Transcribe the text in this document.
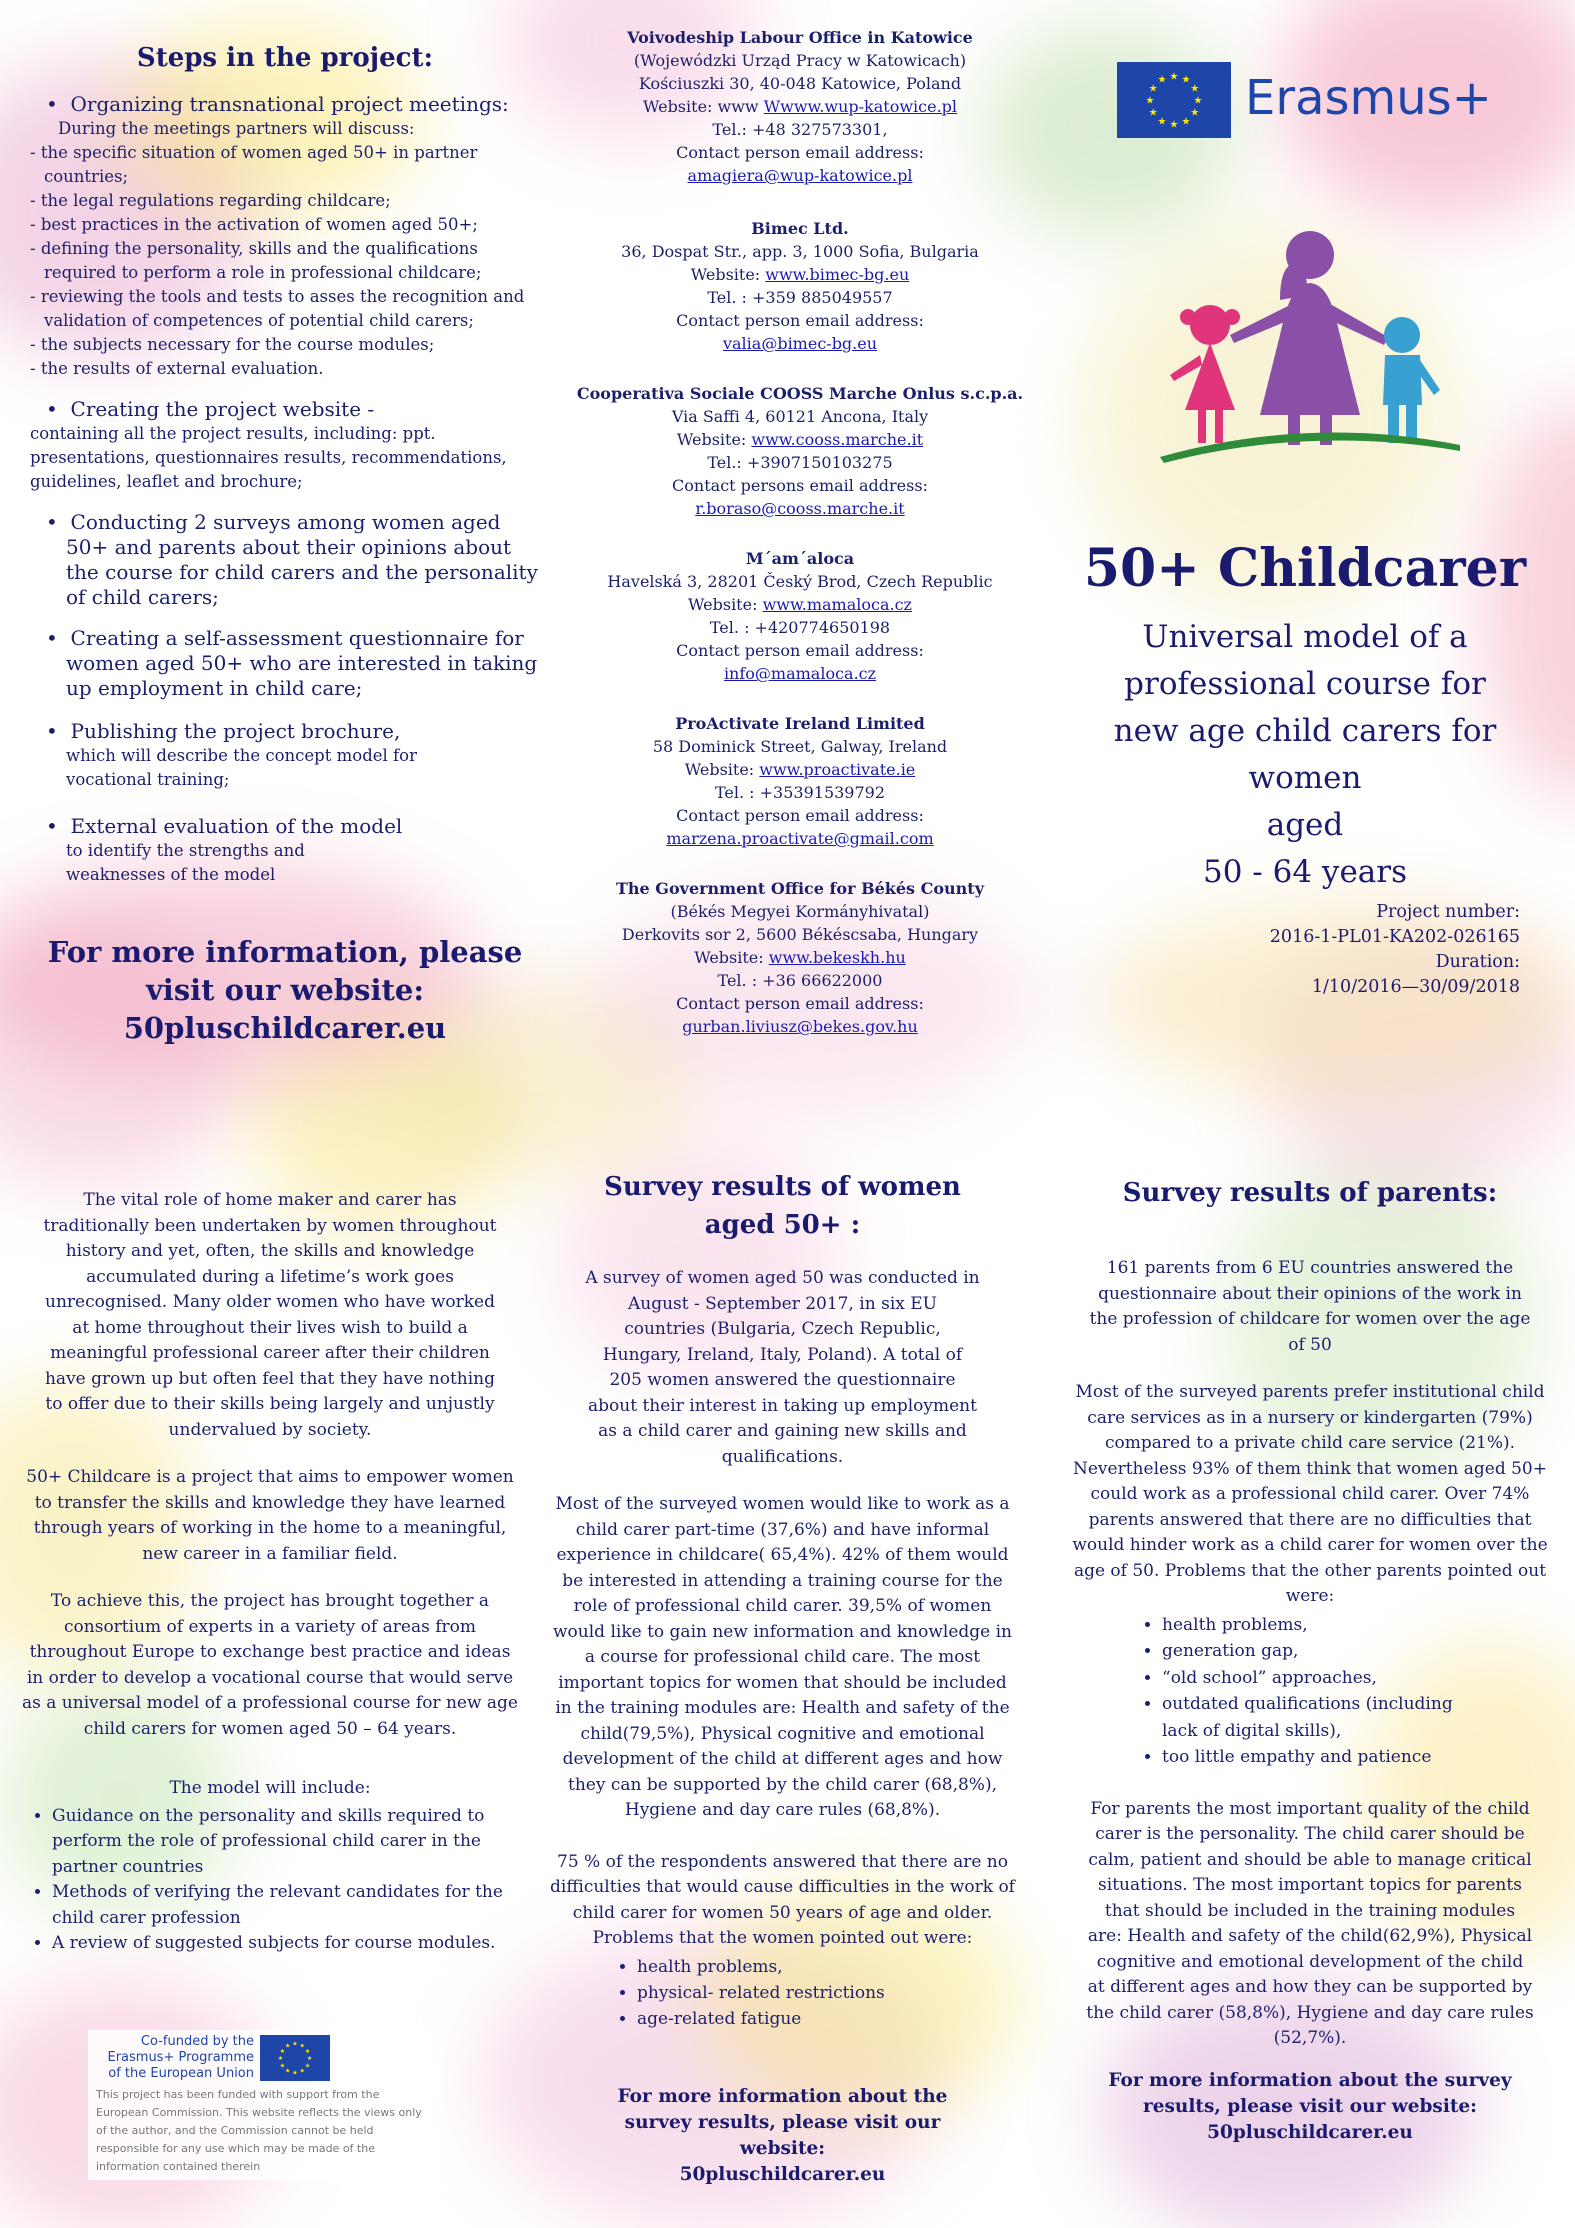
Steps in the project:
•  Organizing transnational project meetings:
During the meetings partners will discuss:
- the specific situation of women aged 50+ in partner countries;
- the legal regulations regarding childcare;
- best practices in the activation of women aged 50+;
- defining the personality, skills and the qualifications required to perform a role in professional childcare;
- reviewing the tools and tests to asses the recognition and validation of competences of potential child carers;
- the subjects necessary for the course modules;
- the results of external evaluation.
•  Creating the project website -
containing all the project results, including: ppt. presentations, questionnaires results, recommendations, guidelines, leaflet and brochure;
•  Conducting 2 surveys among women aged 50+ and parents about their opinions about the course for child carers and the personality of child carers;
•  Creating a self-assessment questionnaire for women aged 50+ who are interested in taking up employment in child care;
•  Publishing the project brochure,
which will describe the concept model for vocational training;
•  External evaluation of the model
to identify the strengths and weaknesses of the model
For more information, please visit our website:
50pluschildcarer.eu
Voivodeship Labour Office in Katowice
(Wojewódzki Urząd Pracy w Katowicach)
Kościuszki 30, 40-048 Katowice, Poland
Website: www Wwww.wup-katowice.pl
Tel.: +48 327573301,
Contact person email address:
amagiera@wup-katowice.pl
Bimec Ltd.
36, Dospat Str., app. 3, 1000 Sofia, Bulgaria
Website: www.bimec-bg.eu
Tel. : +359 885049557
Contact person email address:
valia@bimec-bg.eu
Cooperativa Sociale COOSS Marche Onlus s.c.p.a.
Via Saffi 4, 60121 Ancona, Italy
Website: www.cooss.marche.it
Tel.: +3907150103275
Contact persons email address:
r.boraso@cooss.marche.it
M´am´aloca
Havelská 3, 28201 Český Brod, Czech Republic
Website: www.mamaloca.cz
Tel. : +420774650198
Contact person email address:
info@mamaloca.cz
ProActivate Ireland Limited
58 Dominick Street, Galway, Ireland
Website: www.proactivate.ie
Tel. : +35391539792
Contact person email address:
marzena.proactivate@gmail.com
The Government Office for Békés County
(Békés Megyei Kormányhivatal)
Derkovits sor 2, 5600 Békéscsaba, Hungary
Website: www.bekeskh.hu
Tel. : +36 66622000
Contact person email address:
gurban.liviusz@bekes.gov.hu
★ ★
★
★
★
★
★
★
★
★
★
★ Erasmus+
50+ Childcarer
Universal model of a
professional course for
new age child carers for women
aged
50 - 64 years
Project number:
2016-1-PL01-KA202-026165
Duration:
1/10/2016—30/09/2018
The vital role of home maker and carer has traditionally been undertaken by women throughout history and yet, often, the skills and knowledge accumulated during a lifetime’s work goes unrecognised. Many older women who have worked at home throughout their lives wish to build a meaningful professional career after their children have grown up but often feel that they have nothing to offer due to their skills being largely and unjustly undervalued by society.
50+ Childcare is a project that aims to empower women to transfer the skills and knowledge they have learned through years of working in the home to a meaningful, new career in a familiar field.
To achieve this, the project has brought together a consortium of experts in a variety of areas from throughout Europe to exchange best practice and ideas in order to develop a vocational course that would serve as a universal model of a professional course for new age child carers for women aged 50 – 64 years.
The model will include:
• Guidance on the personality and skills required to perform the role of professional child carer in the partner countries
• Methods of verifying the relevant candidates for the child carer profession
• A review of suggested subjects for course modules.
Co-funded by the Erasmus+ Programme of the European Union
★ ★
★
★
★
★
★
★
★
★
★
★
This project has been funded with support from the European Commission. This website reflects the views only of the author, and the Commission cannot be held responsible for any use which may be made of the information contained therein
Survey results of women aged 50+ :
A survey of women aged 50 was conducted in August - September 2017, in six EU countries (Bulgaria, Czech Republic, Hungary, Ireland, Italy, Poland). A total of 205 women answered the questionnaire about their interest in taking up employment as a child carer and gaining new skills and qualifications.
Most of the surveyed women would like to work as a child carer part-time (37,6%) and have informal experience in childcare( 65,4%). 42% of them would be interested in attending a training course for the role of professional child carer. 39,5% of women would like to gain new information and knowledge in a course for professional child care. The most important topics for women that should be included in the training modules are: Health and safety of the child(79,5%), Physical cognitive and emotional development of the child at different ages and how they can be supported by the child carer (68,8%), Hygiene and day care rules (68,8%).
75 % of the respondents answered that there are no difficulties that would cause difficulties in the work of child carer for women 50 years of age and older. Problems that the women pointed out were:
• health problems,
• physical- related restrictions
• age-related fatigue
For more information about the survey results, please visit our website:
50pluschildcarer.eu
Survey results of parents:
161 parents from 6 EU countries answered the questionnaire about their opinions of the work in the profession of childcare for women over the age of 50
Most of the surveyed parents prefer institutional child care services as in a nursery or kindergarten (79%) compared to a private child care service (21%). Nevertheless 93% of them think that women aged 50+ could work as a professional child carer. Over 74% parents answered that there are no difficulties that would hinder work as a child carer for women over the age of 50. Problems that the other parents pointed out were:
• health problems,
• generation gap,
• “old school” approaches,
• outdated qualifications (including lack of digital skills),
• too little empathy and patience
For parents the most important quality of the child carer is the personality. The child carer should be calm, patient and should be able to manage critical situations. The most important topics for parents that should be included in the training modules are: Health and safety of the child(62,9%), Physical cognitive and emotional development of the child at different ages and how they can be supported by the child carer (58,8%), Hygiene and day care rules (52,7%).
For more information about the survey results, please visit our website:
50pluschildcarer.eu
